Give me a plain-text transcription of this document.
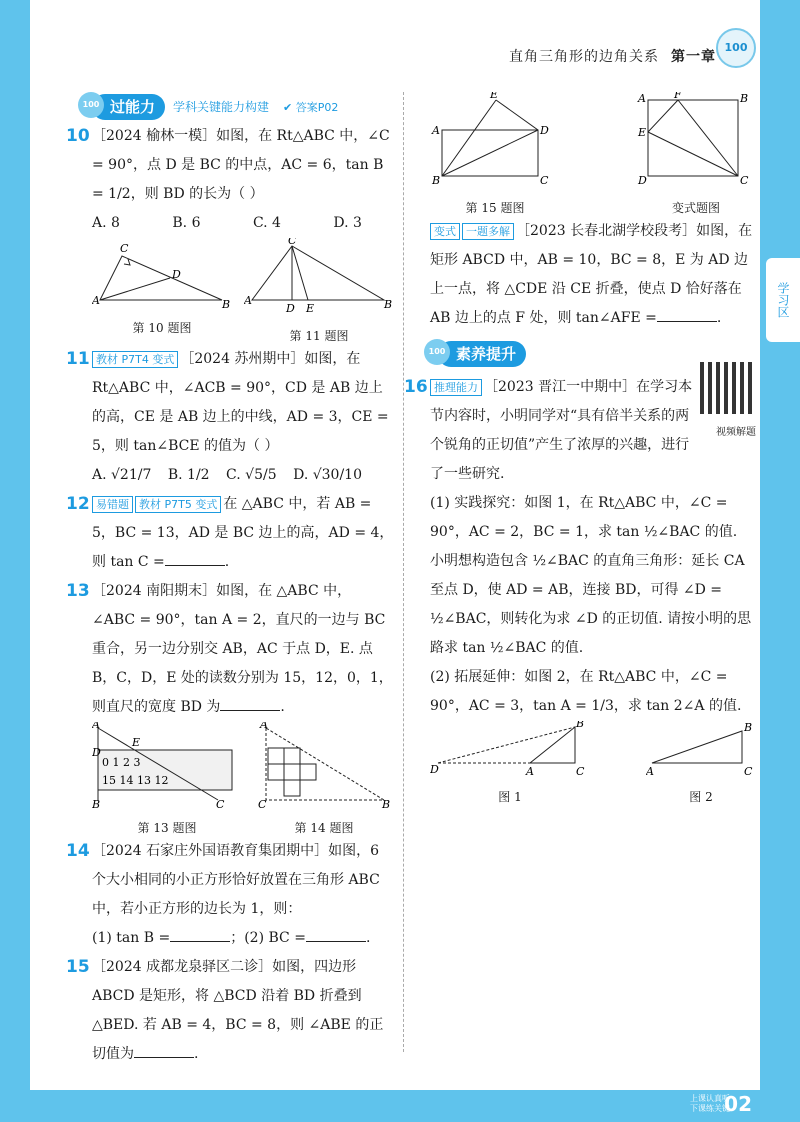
直角三角形的边角关系 第一章
100
100 过能力	学科关键能力构建 ✔ 答案P02
10 ［2024 榆林一模］如图，在 Rt△ABC 中，∠C = 90°，点 D 是 BC 的中点，AC = 6，tan B = 1/2，则 BD 的长为（ ）
A. 8	B. 6	C. 4	D. 3
A	B
C
D
第 10 题图
A	B
C
D E
第 11 题图
11 教材 P7T4 变式 ［2024 苏州期中］如图，在 Rt△ABC 中，∠ACB = 90°，CD 是 AB 边上的高，CE 是 AB 边上的中线，AD = 3，CE = 5，则 tan∠BCE 的值为（ ）
A. √21/7 B. 1/2 C. √5/5 D. √30/10
12 易错题 教材 P7T5 变式 在 △ABC 中，若 AB = 5，BC = 13，AD 是 BC 边上的高，AD = 4，则 tan C =	.
13 ［2024 南阳期末］如图，在 △ABC 中，∠ABC = 90°，tan A = 2，直尺的一边与 BC 重合，另一边分别交 AB，AC 于点 D，E. 点 B，C，D，E 处的读数分别为 15，12，0，1，则直尺的宽度 BD 为	.
0 1 2 3
15 14 13 12
A
D
E
B	C
第 13 题图
A
C	B
第 14 题图
14 ［2024 石家庄外国语教育集团期中］如图，6 个大小相同的小正方形恰好放置在三角形 ABC 中，若小正方形的边长为 1，则：
(1) tan B =	；(2) BC =	.
15 ［2024 成都龙泉驿区二诊］如图，四边形 ABCD 是矩形，将 △BCD 沿着 BD 折叠到 △BED. 若 AB = 4，BC = 8，则 ∠ABE 的正切值为	.
A
B	C
D
E
第 15 题图
A	F	B
E
D	C
变式题图
变式 一题多解 ［2023 长春北湖学校段考］如图，在矩形 ABCD 中，AB = 10，BC = 8，E 为 AD 边上一点，将 △CDE 沿 CE 折叠，使点 D 恰好落在 AB 边上的点 F 处，则 tan∠AFE =	.
100 素养提升
16 推理能力 ［2023 晋江一中期中］在学习本节内容时，小明同学对“具有倍半关系的两个锐角的正切值”产生了浓厚的兴趣，进行了一些研究.
(1) 实践探究：如图 1，在 Rt△ABC 中，∠C = 90°，AC = 2，BC = 1，求 tan ½∠BAC 的值.
小明想构造包含 ½∠BAC 的直角三角形：延长 CA 至点 D，使 AD = AB，连接 BD，可得 ∠D = ½∠BAC，则转化为求 ∠D 的正切值. 请按小明的思路求 tan ½∠BAC 的值.
(2) 拓展延伸：如图 2，在 Rt△ABC 中，∠C = 90°，AC = 3，tan A = 1/3，求 tan 2∠A 的值.
D	A	C
B
图 1
A	C
B
图 2
视频解题
学习区
上课认真听
下课练关键
02
